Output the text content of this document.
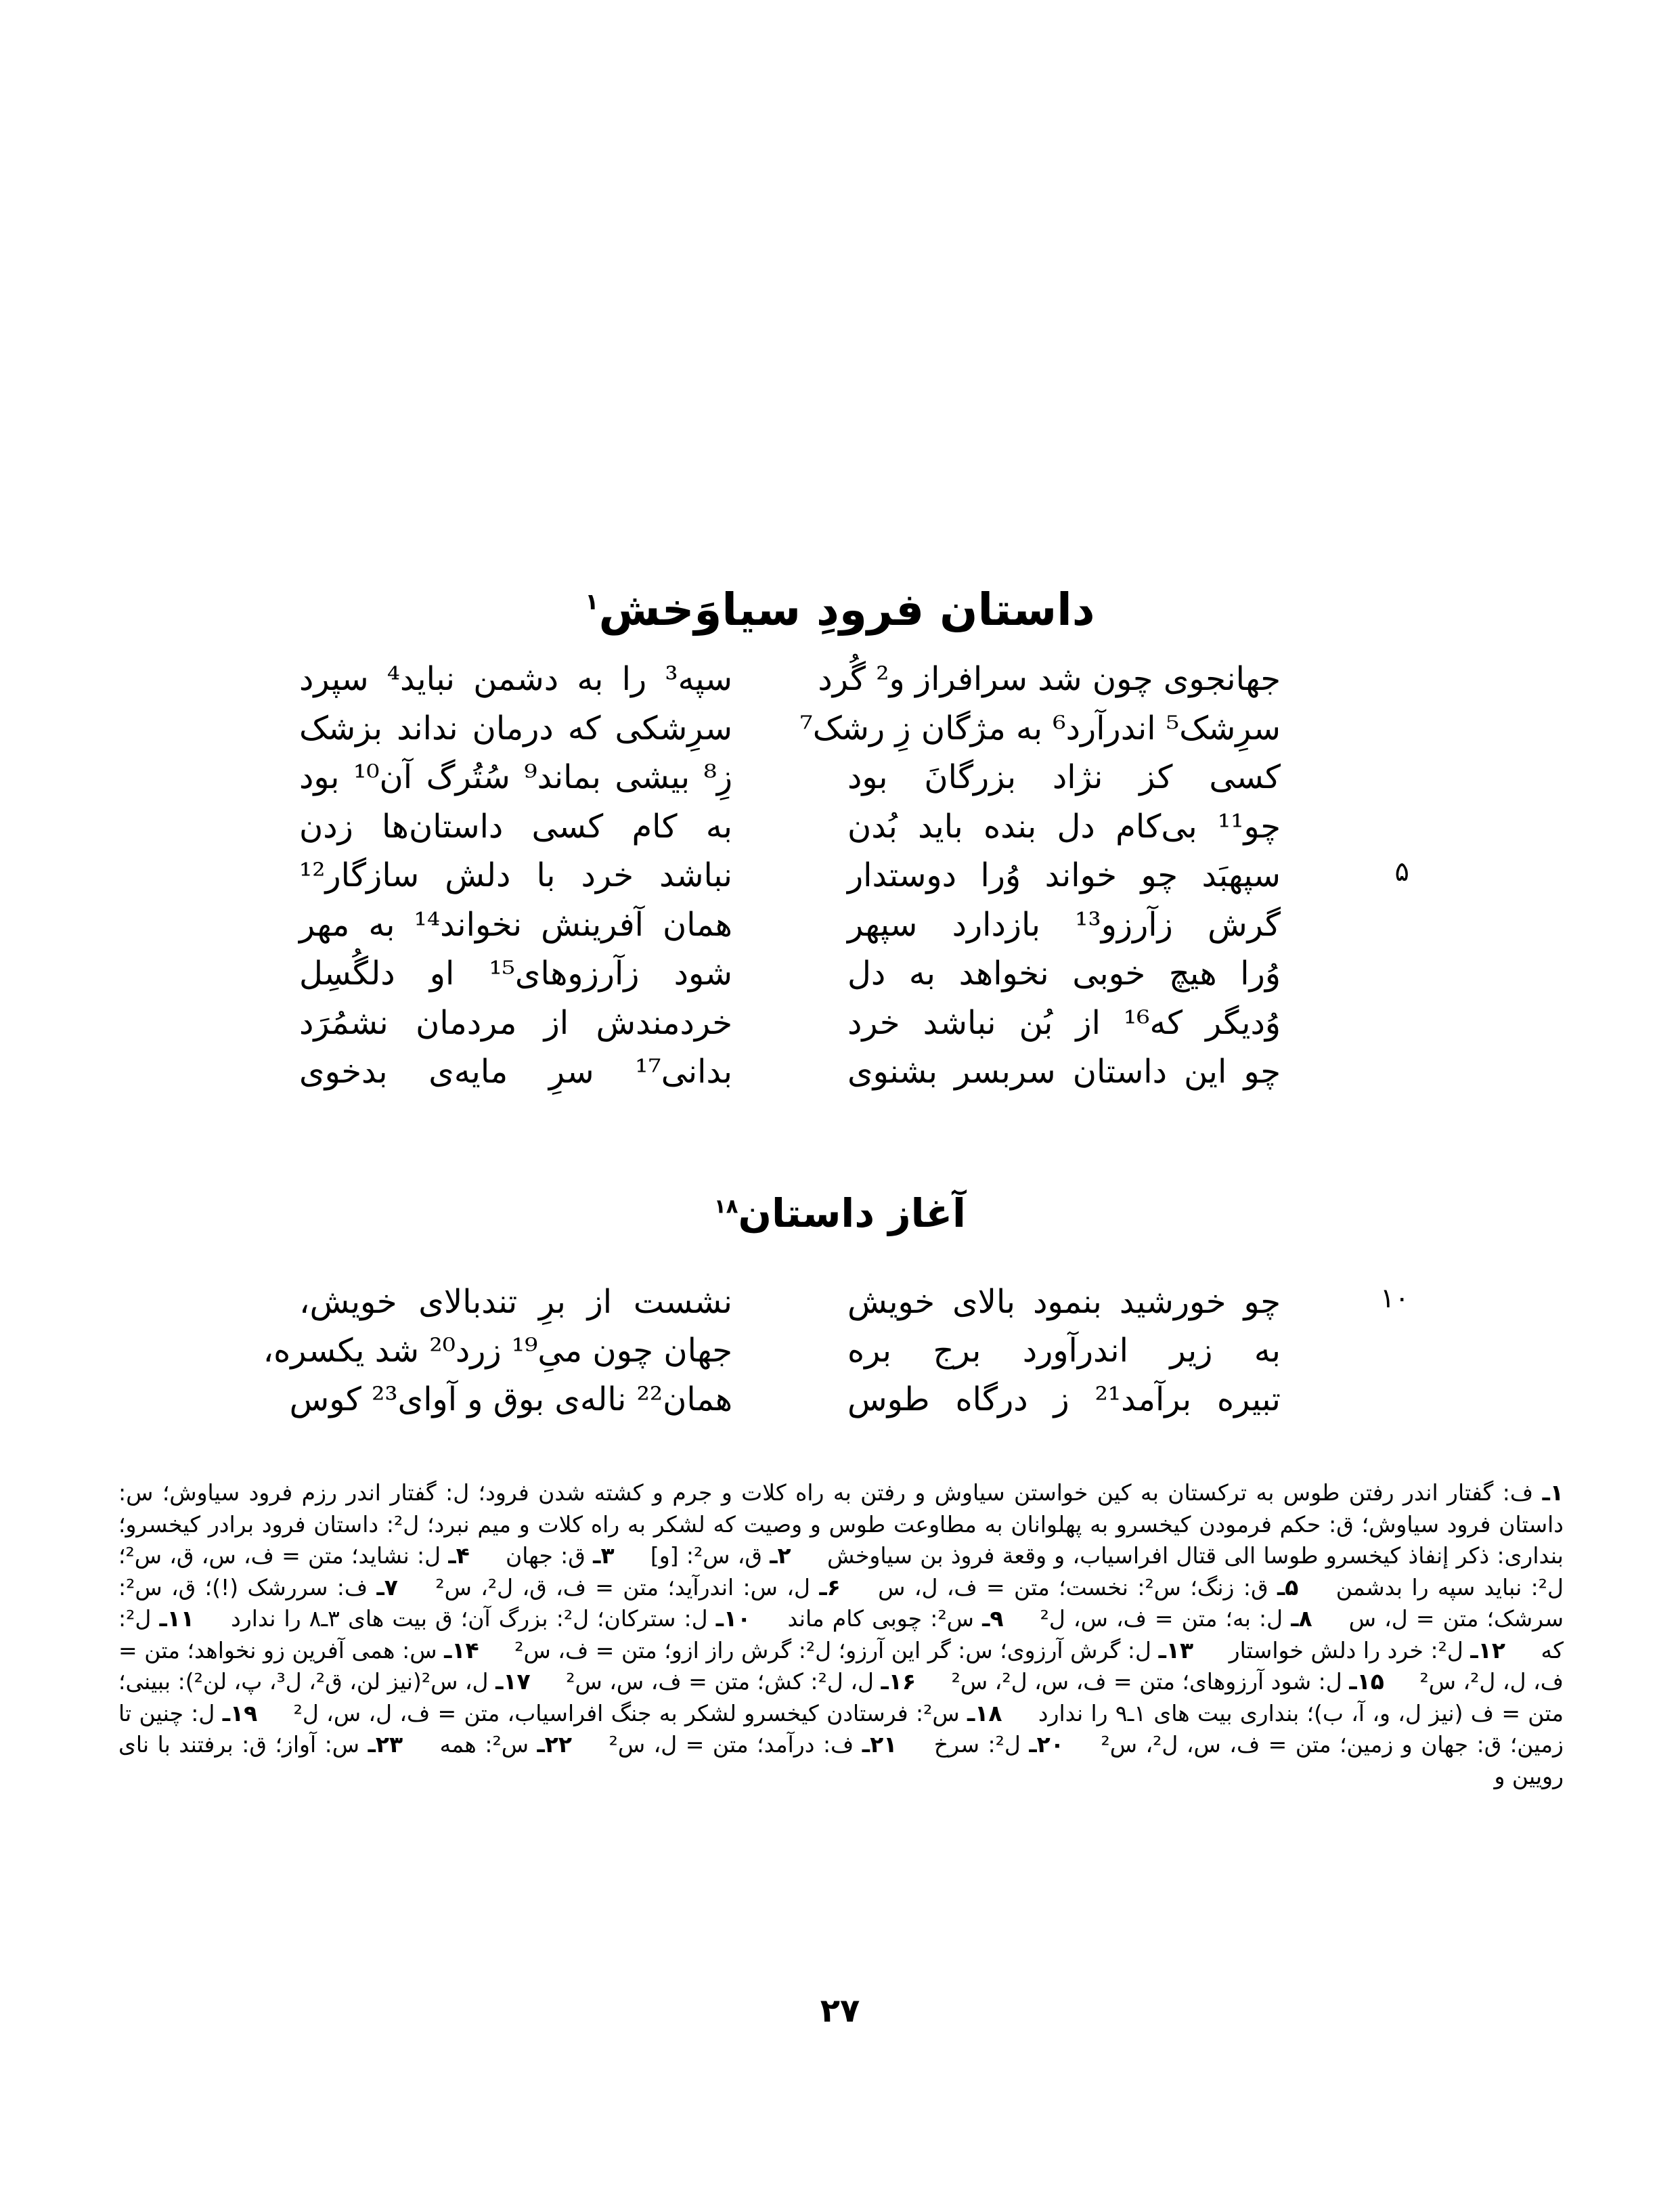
داستان فرودِ سیاوَخش$^۱$
جهانجوی چون شد سرافراز و² گُرد
سپه³ را به دشمن نباید⁴ سپرد
سرِشک⁵ اندرآرد⁶ به مژگان زِ رشک⁷
سرِشکی که درمان نداند بزشک
کسی کز نژاد بزرگانَ بود
زِ⁸ بیشی بماند⁹ سُتُرگ آن¹⁰ بود
چو¹¹ بی‌کام دل بنده باید بُدن
به کام کسی داستان‌ها زدن
۵
سپهبَد چو خواند وُرا دوستدار
نباشد خرد با دلش سازگار¹²
گرش زآرزو¹³ بازدارد سپهر
همان آفرینش نخواند¹⁴ به مهر
وُرا هیچ خوبی نخواهد به دل
شود زآرزوهای¹⁵ او دلگُسِل
وُدیگر که¹⁶ از بُن نباشد خرد
خردمندش از مردمان نشمُرَد
چو این داستان سربسر بشنوی
بدانی¹⁷ سرِ مایه‌ی بدخوی
آغاز داستان$^{۱۸}$
۱۰
چو خورشید بنمود بالای خویش
نشست از برِ تندبالای خویش،
به زیر اندرآورد برج بره
جهان چون میِ¹⁹ زرد²⁰ شد یکسره،
تبیره برآمد²¹ ز درگاه طوس
همان²² ناله‌ی بوق و آوای²³ کوس
۱ـ ف: گفتار اندر رفتن طوس به ترکستان به کین خواستن سیاوش و رفتن به راه کلات و جرم و کشته شدن فرود؛ ل: گفتار اندر رزم فرود سیاوش؛ س: داستان فرود سیاوش؛ ق: حکم فرمودن کیخسرو به پهلوانان به مطاوعت طوس و وصیت که لشکر به راه کلات و میم نبرد؛ ل²: داستان فرود برادر کیخسرو؛ بنداری: ذکر إنفاذ کیخسرو طوسا الی قتال افراسیاب، و وقعة فروذ بن سیاوخش ۲ـ ق، س²: [و] ۳ـ ق: جهان ۴ـ ل: نشاید؛ متن = ف، س، ق، س²؛ ل²: نباید سپه را بدشمن ۵ـ ق: زنگ؛ س²: نخست؛ متن = ف، ل، س ۶ـ ل، س: اندرآید؛ متن = ف، ق، ل²، س² ۷ـ ف: سررشک (!)؛ ق، س²: سرشک؛ متن = ل، س ۸ـ ل: به؛ متن = ف، س، ل² ۹ـ س²: چوبی کام ماند ۱۰ـ ل: ستركان؛ ل²: بزرگ آن؛ ق بیت های ۳ـ۸ را ندارد ۱۱ـ ل²: که ۱۲ـ ل²: خرد را دلش خواستار ۱۳ـ ل: گرش آرزوی؛ س: گر این آرزو؛ ل²: گرش راز ازو؛ متن = ف، س² ۱۴ـ س: همی آفرین زو نخواهد؛ متن = ف، ل، ل²، س² ۱۵ـ ل: شود آرزوهای؛ متن = ف، س، ل²، س² ۱۶ـ ل، ل²: کش؛ متن = ف، س، س² ۱۷ـ ل، س²(نیز لن، ق²، ل³، پ، لن²): ببینی؛ متن = ف (نیز ل، و، آ، ب)؛ بنداری بیت های ۱ـ۹ را ندارد ۱۸ـ س²: فرستادن کیخسرو لشکر به جنگ افراسیاب، متن = ف، ل، س، ل² ۱۹ـ ل: چنین تا زمین؛ ق: جهان و زمین؛ متن = ف، س، ل²، س² ۲۰ـ ل²: سرخ ۲۱ـ ف: درآمد؛ متن = ل، س² ۲۲ـ س²: همه ۲۳ـ س: آواز؛ ق: برفتند با نای رویین و
۲۷
